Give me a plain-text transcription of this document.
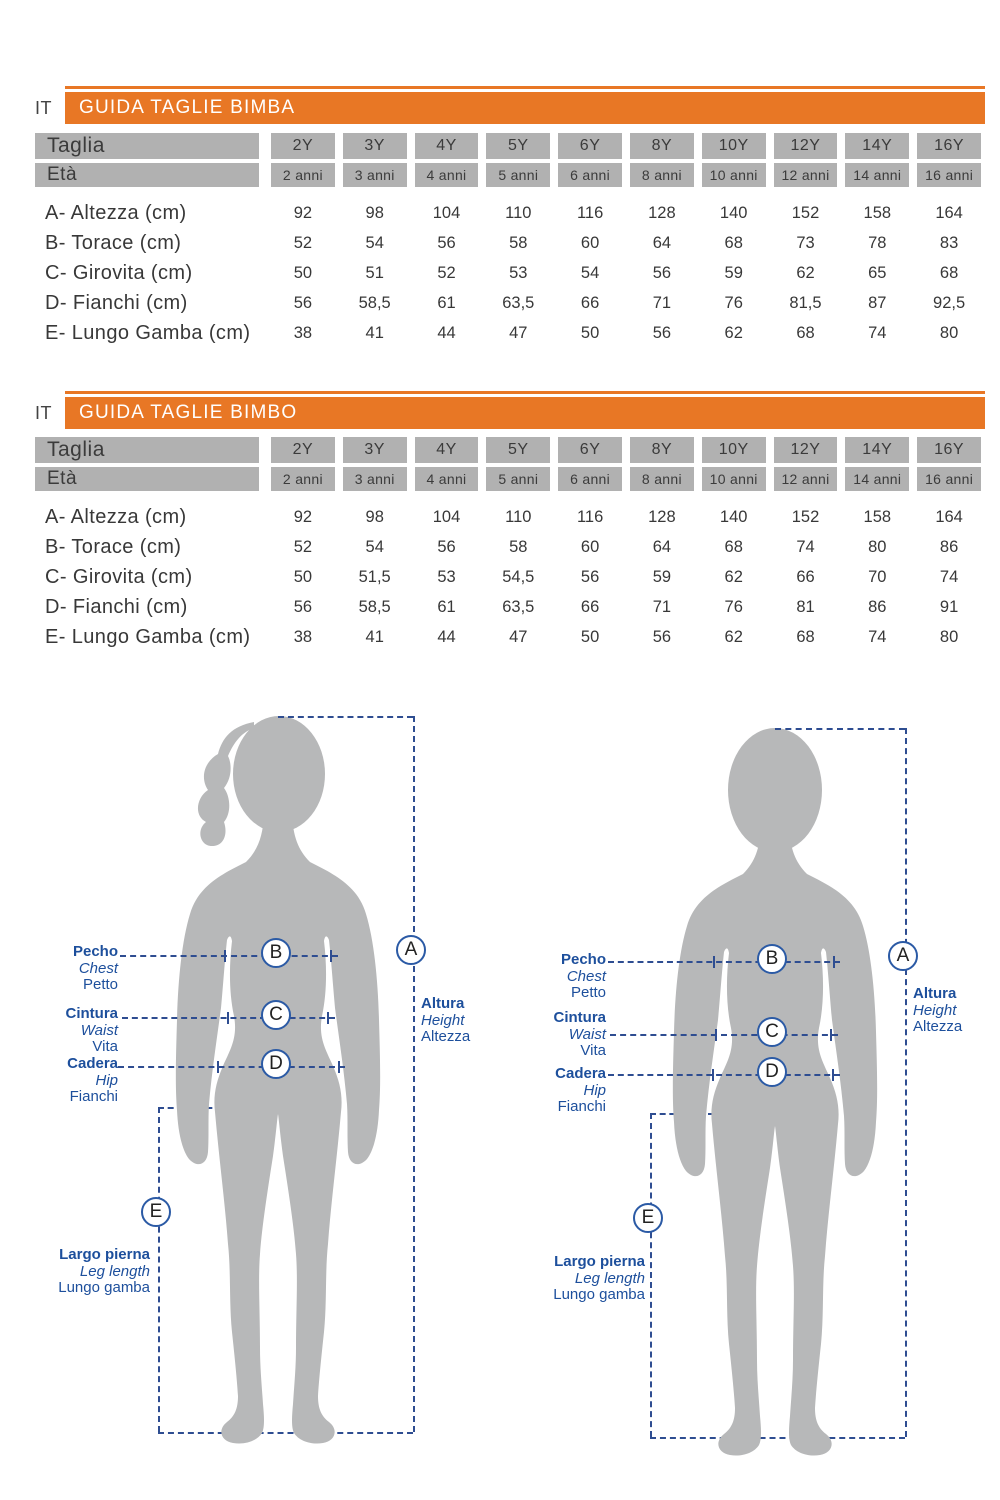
IT	GUIDA TAGLIE BIMBA
Taglia	2Y	3Y	4Y	5Y	6Y	8Y	10Y	12Y	14Y	16Y
Età	2 anni	3 anni	4 anni	5 anni	6 anni	8 anni	10 anni	12 anni	14 anni	16 anni
A- Altezza (cm)	92	98	104	110	116	128	140	152	158	164
B- Torace (cm)	52	54	56	58	60	64	68	73	78	83
C- Girovita (cm)	50	51	52	53	54	56	59	62	65	68
D- Fianchi (cm)	56	58,5	61	63,5	66	71	76	81,5	87	92,5
E- Lungo Gamba (cm)	38	41	44	47	50	56	62	68	74	80
IT	GUIDA TAGLIE BIMBO
Taglia	2Y	3Y	4Y	5Y	6Y	8Y	10Y	12Y	14Y	16Y
Età	2 anni	3 anni	4 anni	5 anni	6 anni	8 anni	10 anni	12 anni	14 anni	16 anni
A- Altezza (cm)	92	98	104	110	116	128	140	152	158	164
B- Torace (cm)	52	54	56	58	60	64	68	74	80	86
C- Girovita (cm)	50	51,5	53	54,5	56	59	62	66	70	74
D- Fianchi (cm)	56	58,5	61	63,5	66	71	76	81	86	91
E- Lungo Gamba (cm)	38	41	44	47	50	56	62	68	74	80
B
C
D
A
E
Pecho
Chest
Petto
Cintura
Waist
Vita
Cadera
Hip
Fianchi
Altura
Height
Altezza
Largo pierna
Leg length
Lungo gamba
B
C
D
A
E
Pecho
Chest
Petto
Cintura
Waist
Vita
Cadera
Hip
Fianchi
Altura
Height
Altezza
Largo pierna
Leg length
Lungo gamba
